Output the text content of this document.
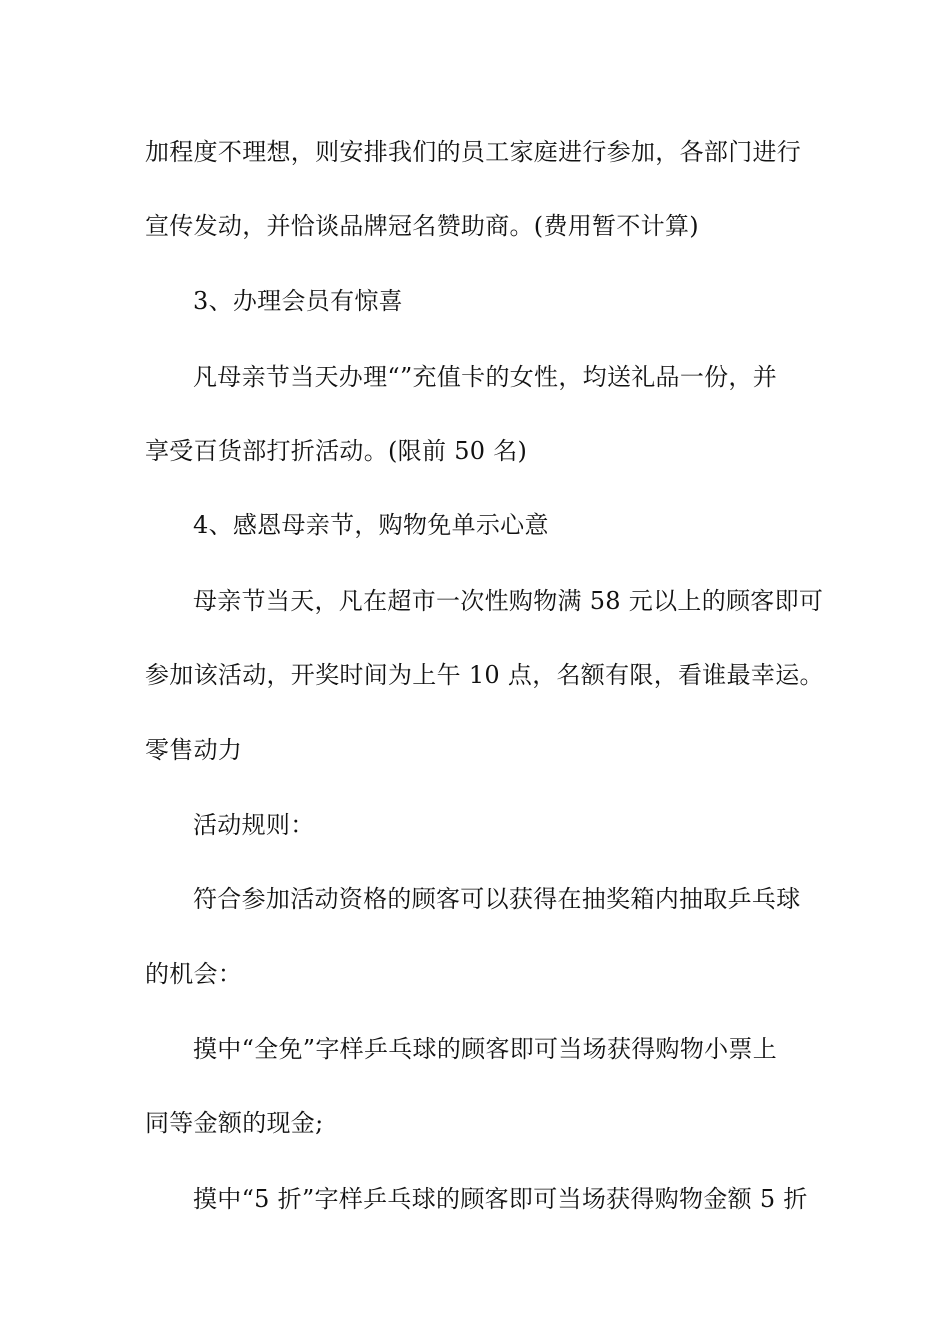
加程度不理想，则安排我们的员工家庭进行参加，各部门进行
宣传发动，并恰谈品牌冠名赞助商。(费用暂不计算)
3、办理会员有惊喜
凡母亲节当天办理“”充值卡的女性，均送礼品一份，并
享受百货部打折活动。(限前 50 名)
4、感恩母亲节，购物免单示心意
母亲节当天，凡在超市一次性购物满 58 元以上的顾客即可
参加该活动，开奖时间为上午 10 点，名额有限，看谁最幸运。
零售动力
活动规则：
符合参加活动资格的顾客可以获得在抽奖箱内抽取乒乓球
的机会：
摸中“全免”字样乒乓球的顾客即可当场获得购物小票上
同等金额的现金;
摸中“5 折”字样乒乓球的顾客即可当场获得购物金额 5 折
